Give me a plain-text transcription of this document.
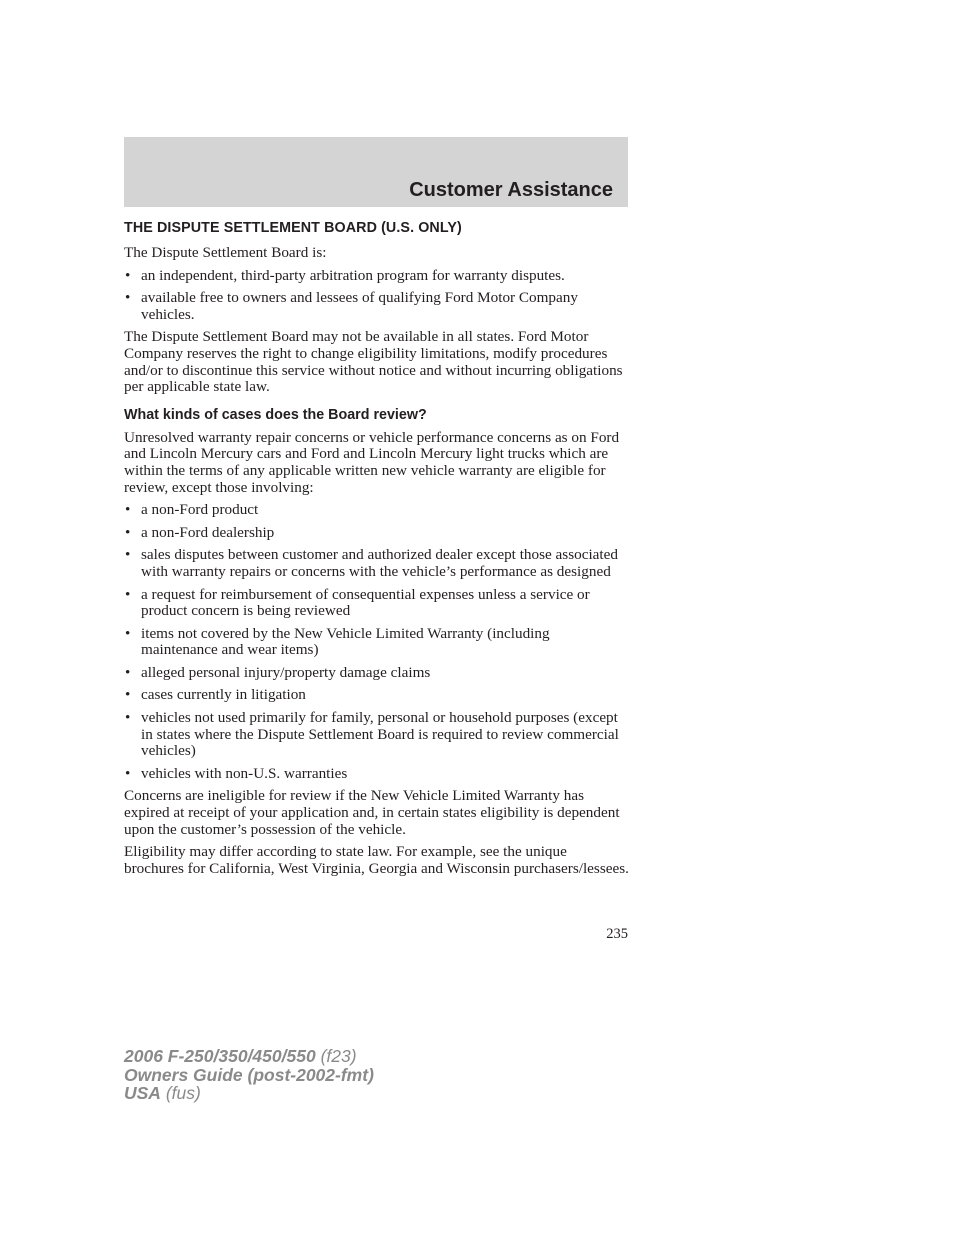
Customer Assistance
THE DISPUTE SETTLEMENT BOARD (U.S. ONLY)

The Dispute Settlement Board is:

• an independent, third-party arbitration program for warranty disputes.
• available free to owners and lessees of qualifying Ford Motor Company vehicles.

The Dispute Settlement Board may not be available in all states. Ford Motor Company reserves the right to change eligibility limitations, modify procedures and/or to discontinue this service without notice and without incurring obligations per applicable state law.

What kinds of cases does the Board review?

Unresolved warranty repair concerns or vehicle performance concerns as on Ford and Lincoln Mercury cars and Ford and Lincoln Mercury light trucks which are within the terms of any applicable written new vehicle warranty are eligible for review, except those involving:

• a non-Ford product
• a non-Ford dealership
• sales disputes between customer and authorized dealer except those associated with warranty repairs or concerns with the vehicle’s performance as designed
• a request for reimbursement of consequential expenses unless a service or product concern is being reviewed
• items not covered by the New Vehicle Limited Warranty (including maintenance and wear items)
• alleged personal injury/property damage claims
• cases currently in litigation
• vehicles not used primarily for family, personal or household purposes (except in states where the Dispute Settlement Board is required to review commercial vehicles)
• vehicles with non-U.S. warranties

Concerns are ineligible for review if the New Vehicle Limited Warranty has expired at receipt of your application and, in certain states eligibility is dependent upon the customer’s possession of the vehicle.

Eligibility may differ according to state law. For example, see the unique brochures for California, West Virginia, Georgia and Wisconsin purchasers/lessees.

235
2006 F-250/350/450/550 (f23)
Owners Guide (post-2002-fmt)
USA (fus)
